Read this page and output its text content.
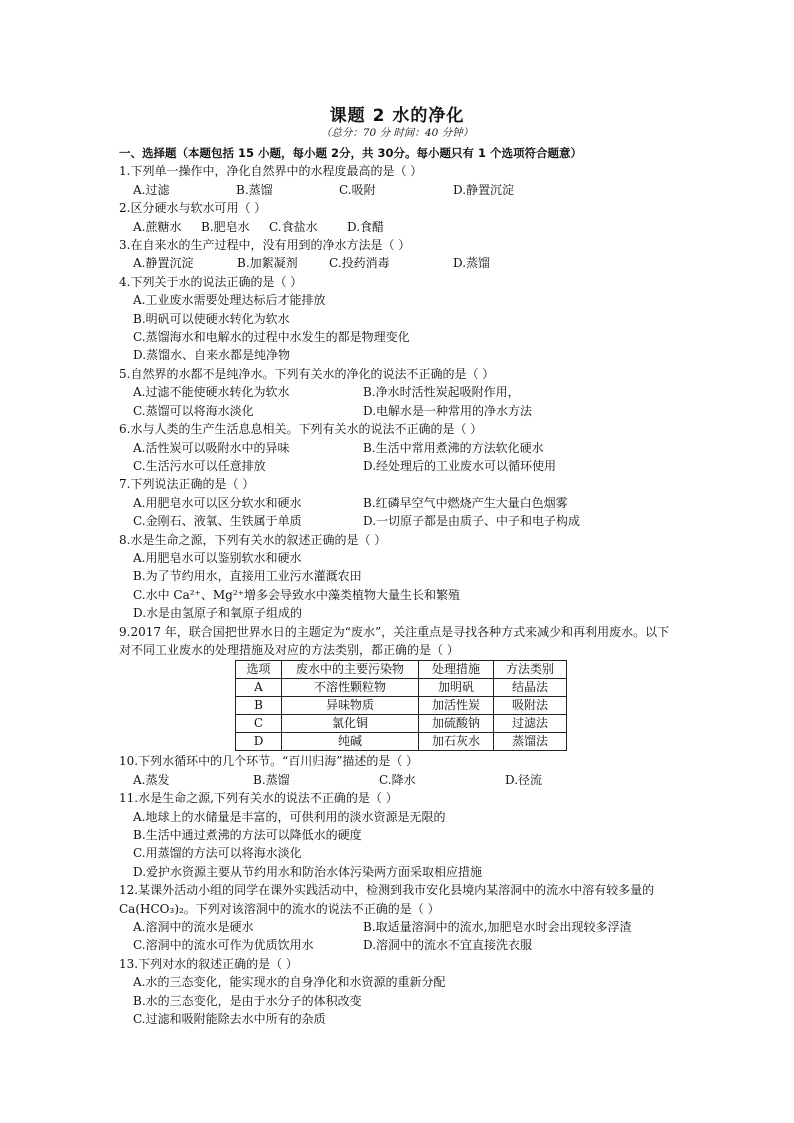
课题 2 水的净化
（总分：70 分 时间：40 分钟）
一、选择题（本题包括 15 小题，每小题 2分，共 30分。每小题只有 1 个选项符合题意）
1.下列单一操作中，净化自然界中的水程度最高的是（ ）
A.过滤	B.蒸馏	C.吸附	D.静置沉淀
2.区分硬水与软水可用（ ）
A.蔗糖水	B.肥皂水	C.食盐水	D.食醋
3.在自来水的生产过程中，没有用到的净水方法是（ ）
A.静置沉淀	B.加絮凝剂	C.投药消毒	D.蒸馏
4.下列关于水的说法正确的是（ ）
A.工业废水需要处理达标后才能排放
B.明矾可以使硬水转化为软水
C.蒸馏海水和电解水的过程中水发生的都是物理变化
D.蒸馏水、自来水都是纯净物
5.自然界的水都不是纯净水。下列有关水的净化的说法不正确的是（ ）
A.过滤不能使硬水转化为软水	B.净水时活性炭起吸附作用，
C.蒸馏可以将海水淡化	D.电解水是一种常用的净水方法
6.水与人类的生产生活息息相关。下列有关水的说法不正确的是（ ）
A.活性炭可以吸附水中的异味	B.生活中常用煮沸的方法软化硬水
C.生活污水可以任意排放	D.经处理后的工业废水可以循环使用
7.下列说法正确的是（ ）
A.用肥皂水可以区分软水和硬水	B.红磷早空气中燃烧产生大量白色烟雾
C.金刚石、液氧、生铁属于单质	D.一切原子都是由质子、中子和电子构成
8.水是生命之源，下列有关水的叙述正确的是（ ）
A.用肥皂水可以鉴别软水和硬水
B.为了节约用水，直接用工业污水灌溉农田
C.水中 Ca²⁺、Mg²⁺增多会导致水中藻类植物大量生长和繁殖
D.水是由氢原子和氧原子组成的
9.2017 年，联合国把世界水日的主题定为“废水”，关注重点是寻找各种方式来减少和再利用废水。以下对不同工业废水的处理措施及对应的方法类别，都正确的是（ ）
选项	废水中的主要污染物	处理措施	方法类别
A	不溶性颗粒物	加明矾	结晶法
B	异味物质	加活性炭	吸附法
C	氯化铜	加硫酸钠	过滤法
D	纯碱	加石灰水	蒸馏法
10.下列水循环中的几个环节。“百川归海”描述的是（ ）
A.蒸发	B.蒸馏	C.降水	D.径流
11.水是生命之源,下列有关水的说法不正确的是（ ）
A.地球上的水储量是丰富的，可供利用的淡水资源是无限的
B.生活中通过煮沸的方法可以降低水的硬度
C.用蒸馏的方法可以将海水淡化
D.爱护水资源主要从节约用水和防治水体污染两方面采取相应措施
12.某课外活动小组的同学在课外实践活动中，检测到我市安化县境内某溶洞中的流水中溶有较多量的 Ca(HCO₃)₂。下列对该溶洞中的流水的说法不正确的是（ ）
A.溶洞中的流水是硬水	B.取适量溶洞中的流水,加肥皂水时会出现较多浮渣
C.溶洞中的流水可作为优质饮用水	D.溶洞中的流水不宜直接洗衣服
13.下列对水的叙述正确的是（ ）
A.水的三态变化，能实现水的自身净化和水资源的重新分配
B.水的三态变化，是由于水分子的体积改变
C.过滤和吸附能除去水中所有的杂质
